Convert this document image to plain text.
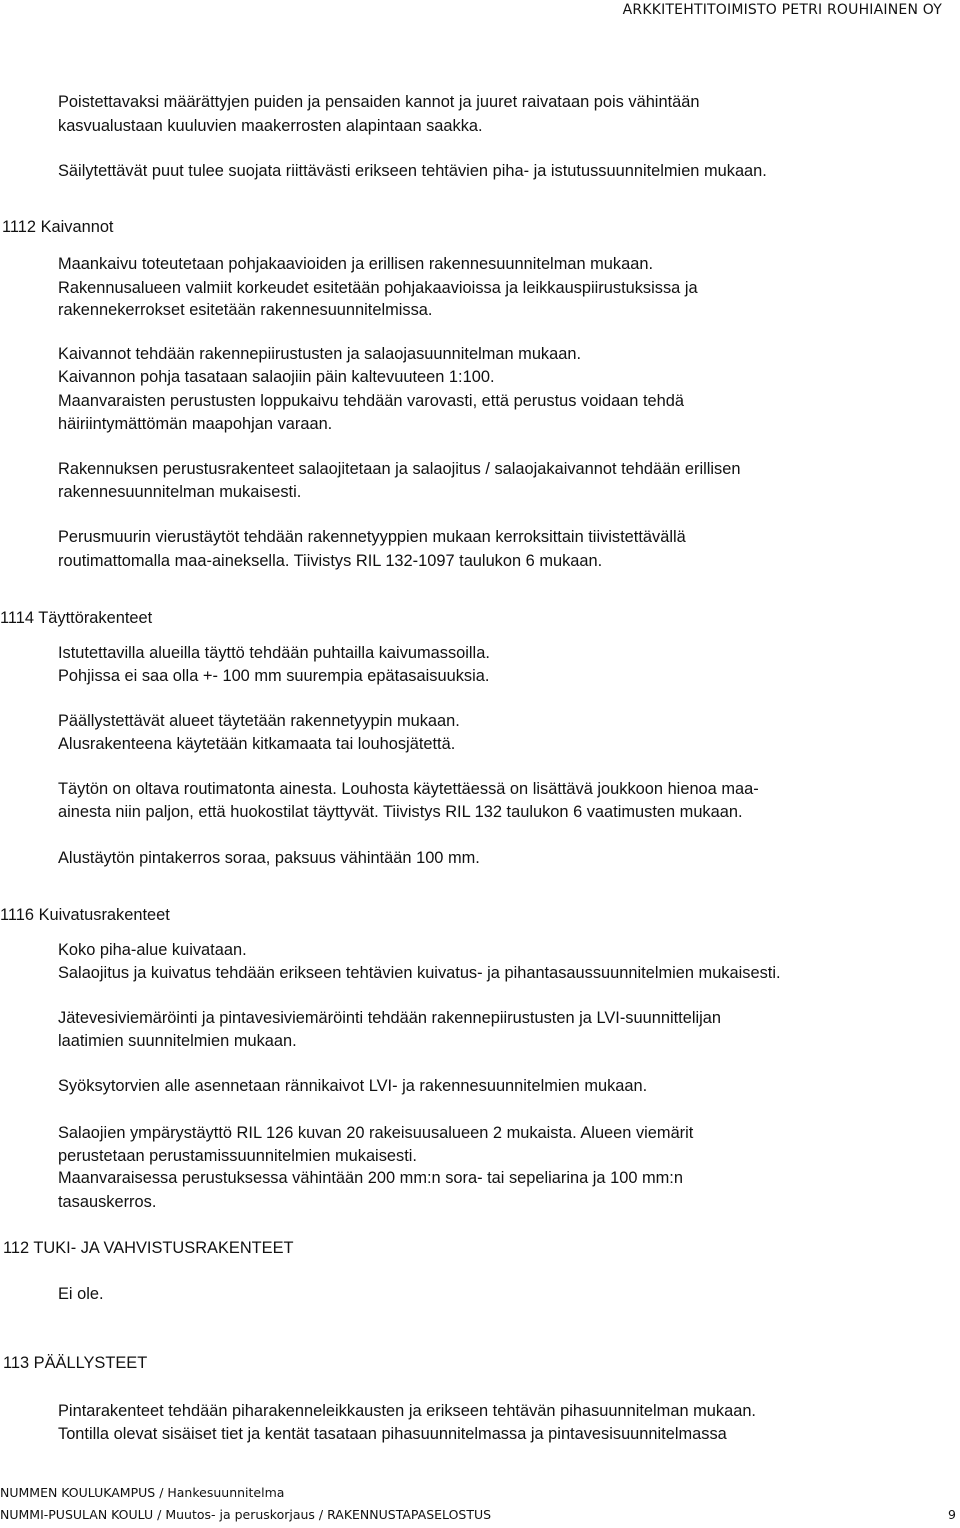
ARKKITEHTITOIMISTO PETRI ROUHIAINEN OY
Poistettavaksi määrättyjen puiden ja pensaiden kannot ja juuret raivataan pois vähintään
kasvualustaan kuuluvien maakerrosten alapintaan saakka.
Säilytettävät puut tulee suojata riittävästi erikseen tehtävien piha- ja istutussuunnitelmien mukaan.
1112 Kaivannot
Maankaivu toteutetaan pohjakaavioiden ja erillisen rakennesuunnitelman mukaan.
Rakennusalueen valmiit korkeudet esitetään pohjakaavioissa ja leikkauspiirustuksissa ja
rakennekerrokset esitetään rakennesuunnitelmissa.
Kaivannot tehdään rakennepiirustusten ja salaojasuunnitelman mukaan.
Kaivannon pohja tasataan salaojiin päin kaltevuuteen 1:100.
Maanvaraisten perustusten loppukaivu tehdään varovasti, että perustus voidaan tehdä
häiriintymättömän maapohjan varaan.
Rakennuksen perustusrakenteet salaojitetaan ja salaojitus / salaojakaivannot tehdään erillisen
rakennesuunnitelman mukaisesti.
Perusmuurin vierustäytöt tehdään rakennetyyppien mukaan kerroksittain tiivistettävällä
routimattomalla maa-aineksella. Tiivistys RIL 132-1097 taulukon 6 mukaan.
1114 Täyttörakenteet
Istutettavilla alueilla täyttö tehdään puhtailla kaivumassoilla.
Pohjissa ei saa olla +- 100 mm suurempia epätasaisuuksia.
Päällystettävät alueet täytetään rakennetyypin mukaan.
Alusrakenteena käytetään kitkamaata tai louhosjätettä.
Täytön on oltava routimatonta ainesta. Louhosta käytettäessä on lisättävä joukkoon hienoa maa-
ainesta niin paljon, että huokostilat täyttyvät. Tiivistys RIL 132 taulukon 6 vaatimusten mukaan.
Alustäytön pintakerros soraa, paksuus vähintään 100 mm.
1116 Kuivatusrakenteet
Koko piha-alue kuivataan.
Salaojitus ja kuivatus tehdään erikseen tehtävien kuivatus- ja pihantasaussuunnitelmien mukaisesti.
Jätevesiviemäröinti ja pintavesiviemäröinti tehdään rakennepiirustusten ja LVI-suunnittelijan
laatimien suunnitelmien mukaan.
Syöksytorvien alle asennetaan rännikaivot LVI- ja rakennesuunnitelmien mukaan.
Salaojien ympärystäyttö RIL 126 kuvan 20 rakeisuusalueen 2 mukaista. Alueen viemärit
perustetaan perustamissuunnitelmien mukaisesti.
Maanvaraisessa perustuksessa vähintään 200 mm:n sora- tai sepeliarina ja 100 mm:n
tasauskerros.
112 TUKI- JA VAHVISTUSRAKENTEET
Ei ole.
113 PÄÄLLYSTEET
Pintarakenteet tehdään piharakenneleikkausten ja erikseen tehtävän pihasuunnitelman mukaan.
Tontilla olevat sisäiset tiet ja kentät tasataan pihasuunnitelmassa ja pintavesisuunnitelmassa
NUMMEN KOULUKAMPUS / Hankesuunnitelma
NUMMI-PUSULAN KOULU / Muutos- ja peruskorjaus / RAKENNUSTAPASELOSTUS	9
